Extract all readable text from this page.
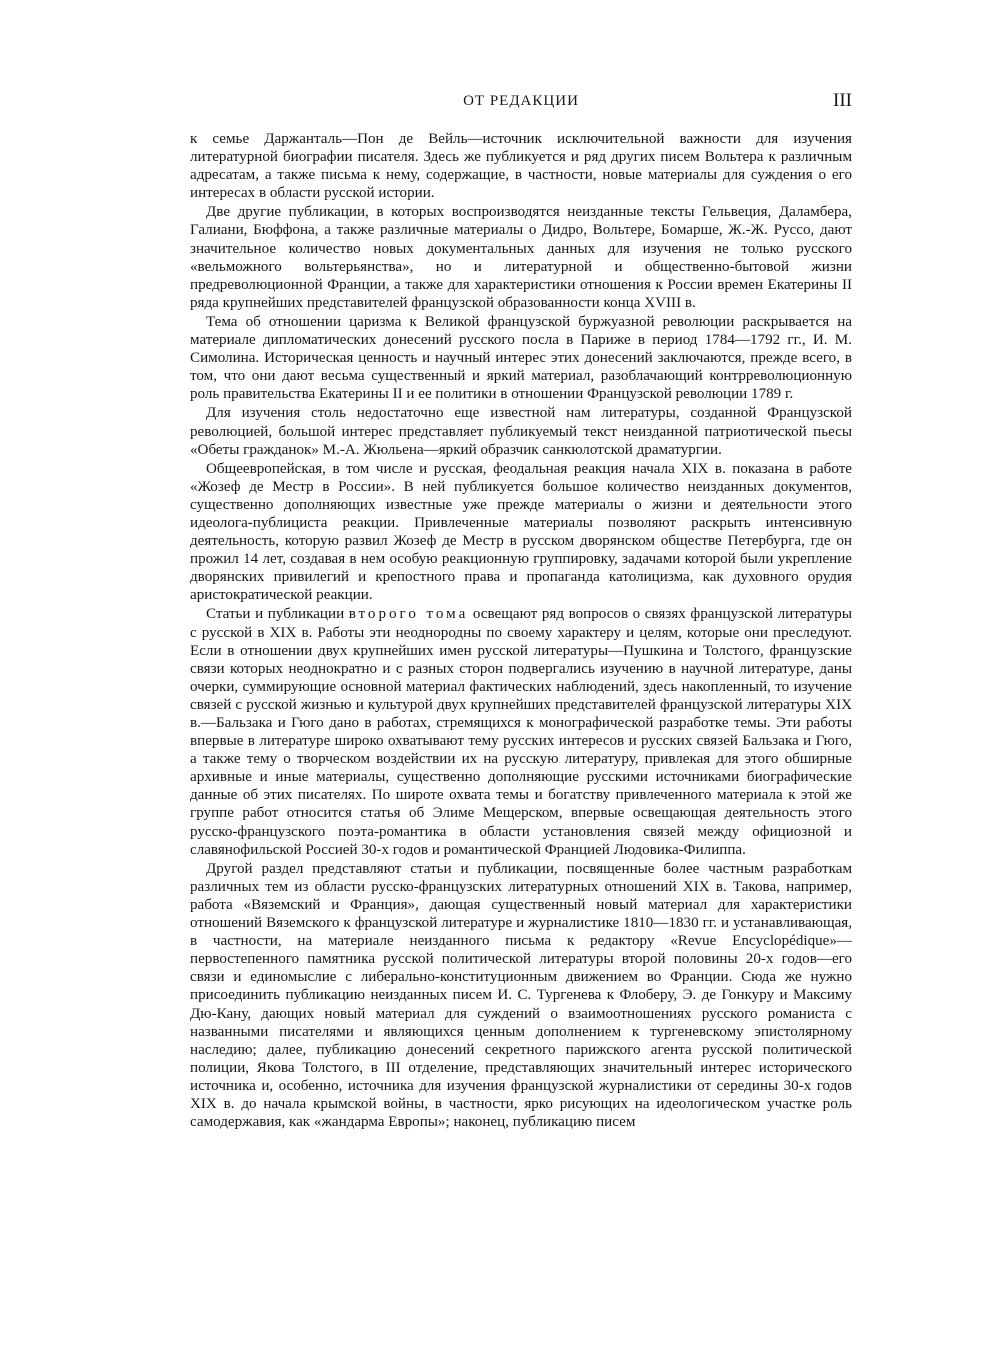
ОТ РЕДАКЦИИ	III

к семье Даржанталь—Пон де Вейль—источник исключительной важности для изучения литературной биографии писателя. Здесь же публикуется и ряд других писем Вольтера к различным адресатам, а также письма к нему, содержащие, в частности, новые материалы для суждения о его интересах в области русской истории.

Две другие публикации, в которых воспроизводятся неизданные тексты Гельвеция, Даламбера, Галиани, Бюффона, а также различные материалы о Дидро, Вольтере, Бомарше, Ж.-Ж. Руссо, дают значительное количество новых документальных данных для изучения не только русского «вельможного вольтерьянства», но и литературной и общественно-бытовой жизни предреволюционной Франции, а также для характеристики отношения к России времен Екатерины II ряда крупнейших представителей французской образованности конца XVIII в.

Тема об отношении царизма к Великой французской буржуазной революции раскрывается на материале дипломатических донесений русского посла в Париже в период 1784—1792 гг., И. М. Симолина. Историческая ценность и научный интерес этих донесений заключаются, прежде всего, в том, что они дают весьма существенный и яркий материал, разоблачающий контрреволюционную роль правительства Екатерины II и ее политики в отношении Французской революции 1789 г.

Для изучения столь недостаточно еще известной нам литературы, созданной Французской революцией, большой интерес представляет публикуемый текст неизданной патриотической пьесы «Обеты гражданок» М.-А. Жюльена—яркий образчик санкюлотской драматургии.

Общеевропейская, в том числе и русская, феодальная реакция начала XIX в. показана в работе «Жозеф де Местр в России». В ней публикуется большое количество неизданных документов, существенно дополняющих известные уже прежде материалы о жизни и деятельности этого идеолога-публициста реакции. Привлеченные материалы позволяют раскрыть интенсивную деятельность, которую развил Жозеф де Местр в русском дворянском обществе Петербурга, где он прожил 14 лет, создавая в нем особую реакционную группировку, задачами которой были укрепление дворянских привилегий и крепостного права и пропаганда католицизма, как духовного орудия аристократической реакции.

Статьи и публикации второго тома освещают ряд вопросов о связях французской литературы с русской в XIX в. Работы эти неоднородны по своему характеру и целям, которые они преследуют. Если в отношении двух крупнейших имен русской литературы—Пушкина и Толстого, французские связи которых неоднократно и с разных сторон подвергались изучению в научной литературе, даны очерки, суммирующие основной материал фактических наблюдений, здесь накопленный, то изучение связей с русской жизнью и культурой двух крупнейших представителей французской литературы XIX в.—Бальзака и Гюго дано в работах, стремящихся к монографической разработке темы. Эти работы впервые в литературе широко охватывают тему русских интересов и русских связей Бальзака и Гюго, а также тему о творческом воздействии их на русскую литературу, привлекая для этого обширные архивные и иные материалы, существенно дополняющие русскими источниками биографические данные об этих писателях. По широте охвата темы и богатству привлеченного материала к этой же группе работ относится статья об Элиме Мещерском, впервые освещающая деятельность этого русско-французского поэта-романтика в области установления связей между официозной и славянофильской Россией 30-х годов и романтической Францией Людовика-Филиппа.

Другой раздел представляют статьи и публикации, посвященные более частным разработкам различных тем из области русско-французских литературных отношений XIX в. Такова, например, работа «Вяземский и Франция», дающая существенный новый материал для характеристики отношений Вяземского к французской литературе и журналистике 1810—1830 гг. и устанавливающая, в частности, на материале неизданного письма к редактору «Revue Encyclopédique»—первостепенного памятника русской политической литературы второй половины 20-х годов—его связи и единомыслие с либерально-конституционным движением во Франции. Сюда же нужно присоединить публикацию неизданных писем И. С. Тургенева к Флоберу, Э. де Гонкуру и Максиму Дю-Кану, дающих новый материал для суждений о взаимоотношениях русского романиста с названными писателями и являющихся ценным дополнением к тургеневскому эпистолярному наследию; далее, публикацию донесений секретного парижского агента русской политической полиции, Якова Толстого, в III отделение, представляющих значительный интерес исторического источника и, особенно, источника для изучения французской журналистики от середины 30-х годов XIX в. до начала крымской войны, в частности, ярко рисующих на идеологическом участке роль самодержавия, как «жандарма Европы»; наконец, публикацию писем
